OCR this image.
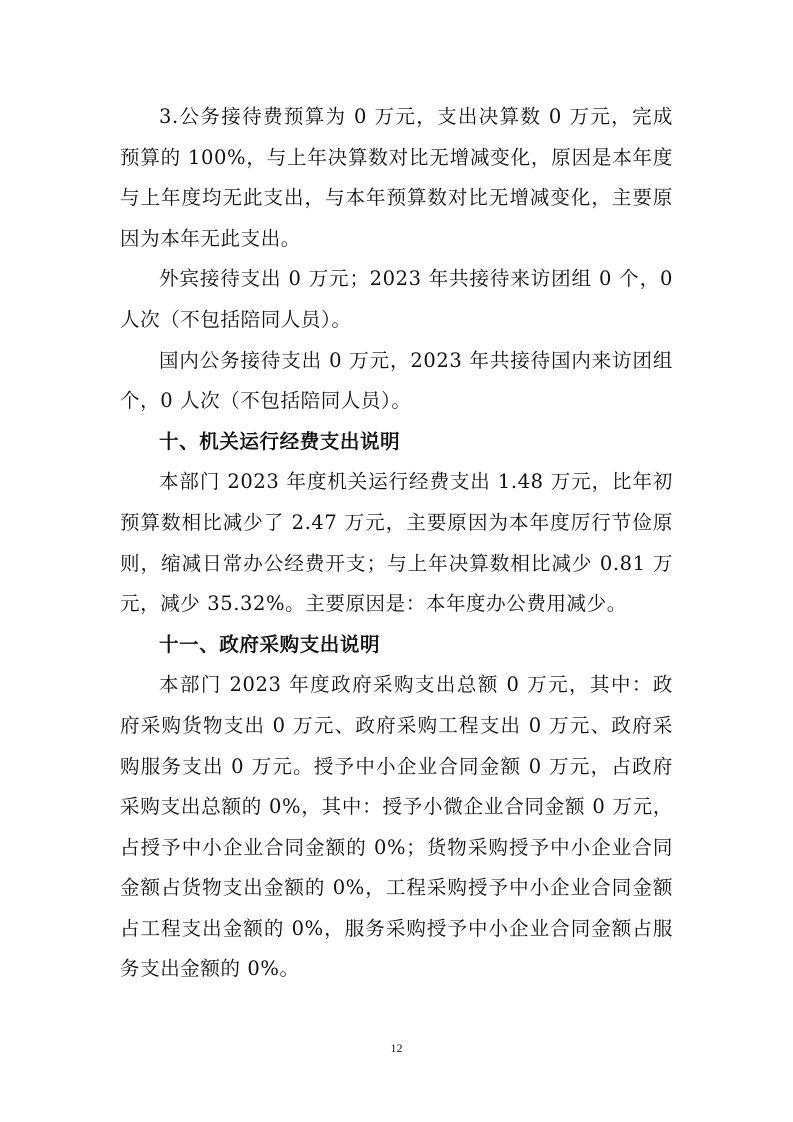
3.公务接待费预算为 0 万元，支出决算数 0 万元，完成预算的 100%，与上年决算数对比无增减变化，原因是本年度与上年度均无此支出，与本年预算数对比无增减变化，主要原因为本年无此支出。

外宾接待支出 0 万元；2023 年共接待来访团组 0 个，0 人次（不包括陪同人员）。

国内公务接待支出 0 万元，2023 年共接待国内来访团组个，0 人次（不包括陪同人员）。

十、机关运行经费支出说明

本部门 2023 年度机关运行经费支出 1.48 万元，比年初预算数相比减少了 2.47 万元，主要原因为本年度厉行节俭原则，缩减日常办公经费开支；与上年决算数相比减少 0.81 万元，减少 35.32%。主要原因是：本年度办公费用减少。

十一、政府采购支出说明

本部门 2023 年度政府采购支出总额 0 万元，其中：政府采购货物支出 0 万元、政府采购工程支出 0 万元、政府采购服务支出 0 万元。授予中小企业合同金额 0 万元，占政府采购支出总额的 0%，其中：授予小微企业合同金额 0 万元，占授予中小企业合同金额的 0%；货物采购授予中小企业合同金额占货物支出金额的 0%，工程采购授予中小企业合同金额占工程支出金额的 0%，服务采购授予中小企业合同金额占服务支出金额的 0%。

12
